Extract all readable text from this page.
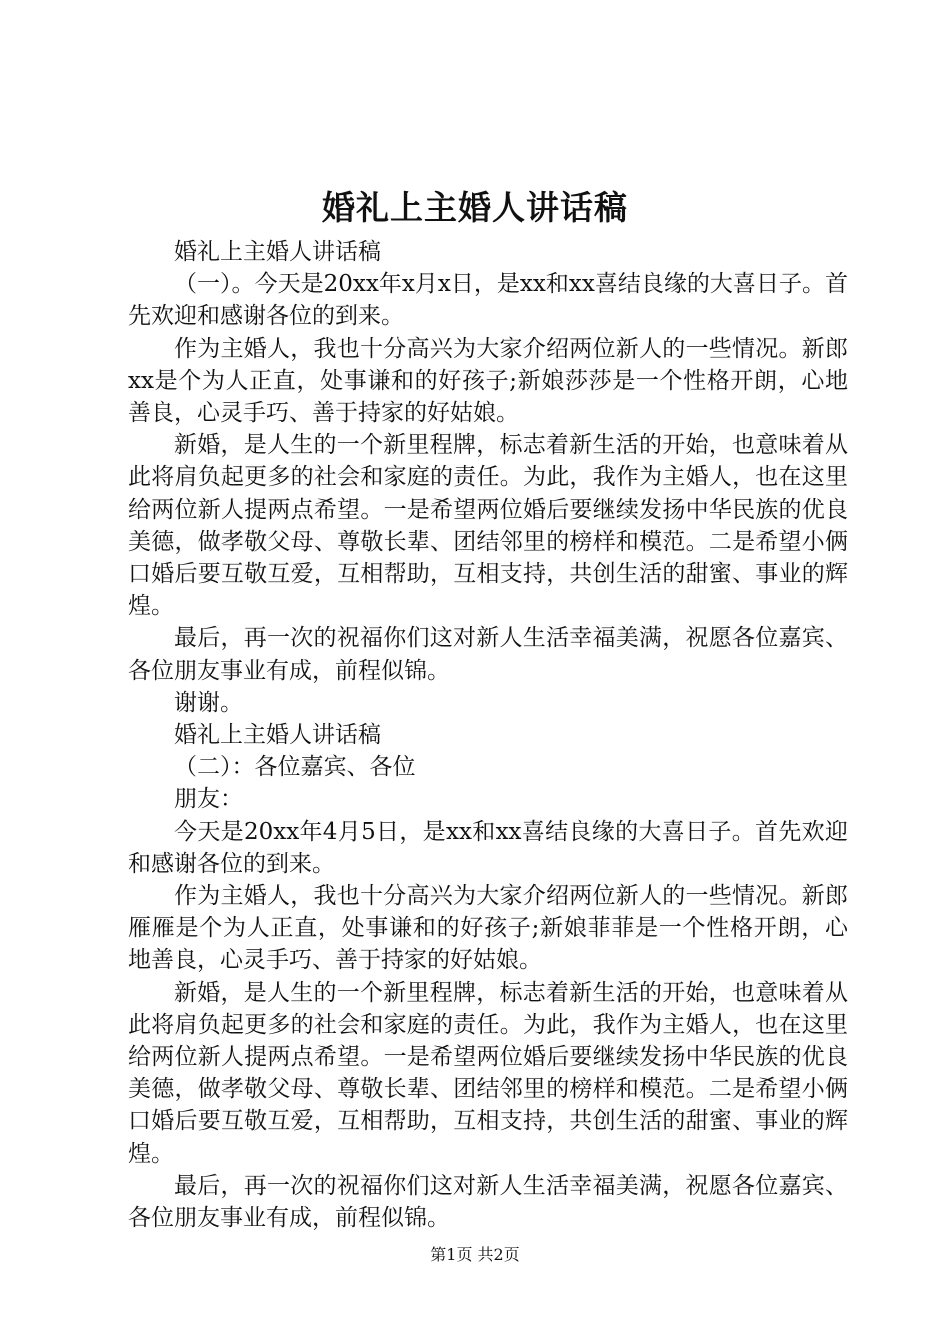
婚礼上主婚人讲话稿

婚礼上主婚人讲话稿

（一）。今天是20xx年x月x日，是xx和xx喜结良缘的大喜日子。首先欢迎和感谢各位的到来。

作为主婚人，我也十分高兴为大家介绍两位新人的一些情况。新郎xx是个为人正直，处事谦和的好孩子;新娘莎莎是一个性格开朗，心地善良，心灵手巧、善于持家的好姑娘。

新婚，是人生的一个新里程牌，标志着新生活的开始，也意味着从此将肩负起更多的社会和家庭的责任。为此，我作为主婚人，也在这里给两位新人提两点希望。一是希望两位婚后要继续发扬中华民族的优良美德，做孝敬父母、尊敬长辈、团结邻里的榜样和模范。二是希望小俩口婚后要互敬互爱，互相帮助，互相支持，共创生活的甜蜜、事业的辉煌。

最后，再一次的祝福你们这对新人生活幸福美满，祝愿各位嘉宾、各位朋友事业有成，前程似锦。

谢谢。

婚礼上主婚人讲话稿

（二）：各位嘉宾、各位

朋友：

今天是20xx年4月5日，是xx和xx喜结良缘的大喜日子。首先欢迎和感谢各位的到来。

作为主婚人，我也十分高兴为大家介绍两位新人的一些情况。新郎雁雁是个为人正直，处事谦和的好孩子;新娘菲菲是一个性格开朗，心地善良，心灵手巧、善于持家的好姑娘。

新婚，是人生的一个新里程牌，标志着新生活的开始，也意味着从此将肩负起更多的社会和家庭的责任。为此，我作为主婚人，也在这里给两位新人提两点希望。一是希望两位婚后要继续发扬中华民族的优良美德，做孝敬父母、尊敬长辈、团结邻里的榜样和模范。二是希望小俩口婚后要互敬互爱，互相帮助，互相支持，共创生活的甜蜜、事业的辉煌。

最后，再一次的祝福你们这对新人生活幸福美满，祝愿各位嘉宾、各位朋友事业有成，前程似锦。

第1页 共2页
